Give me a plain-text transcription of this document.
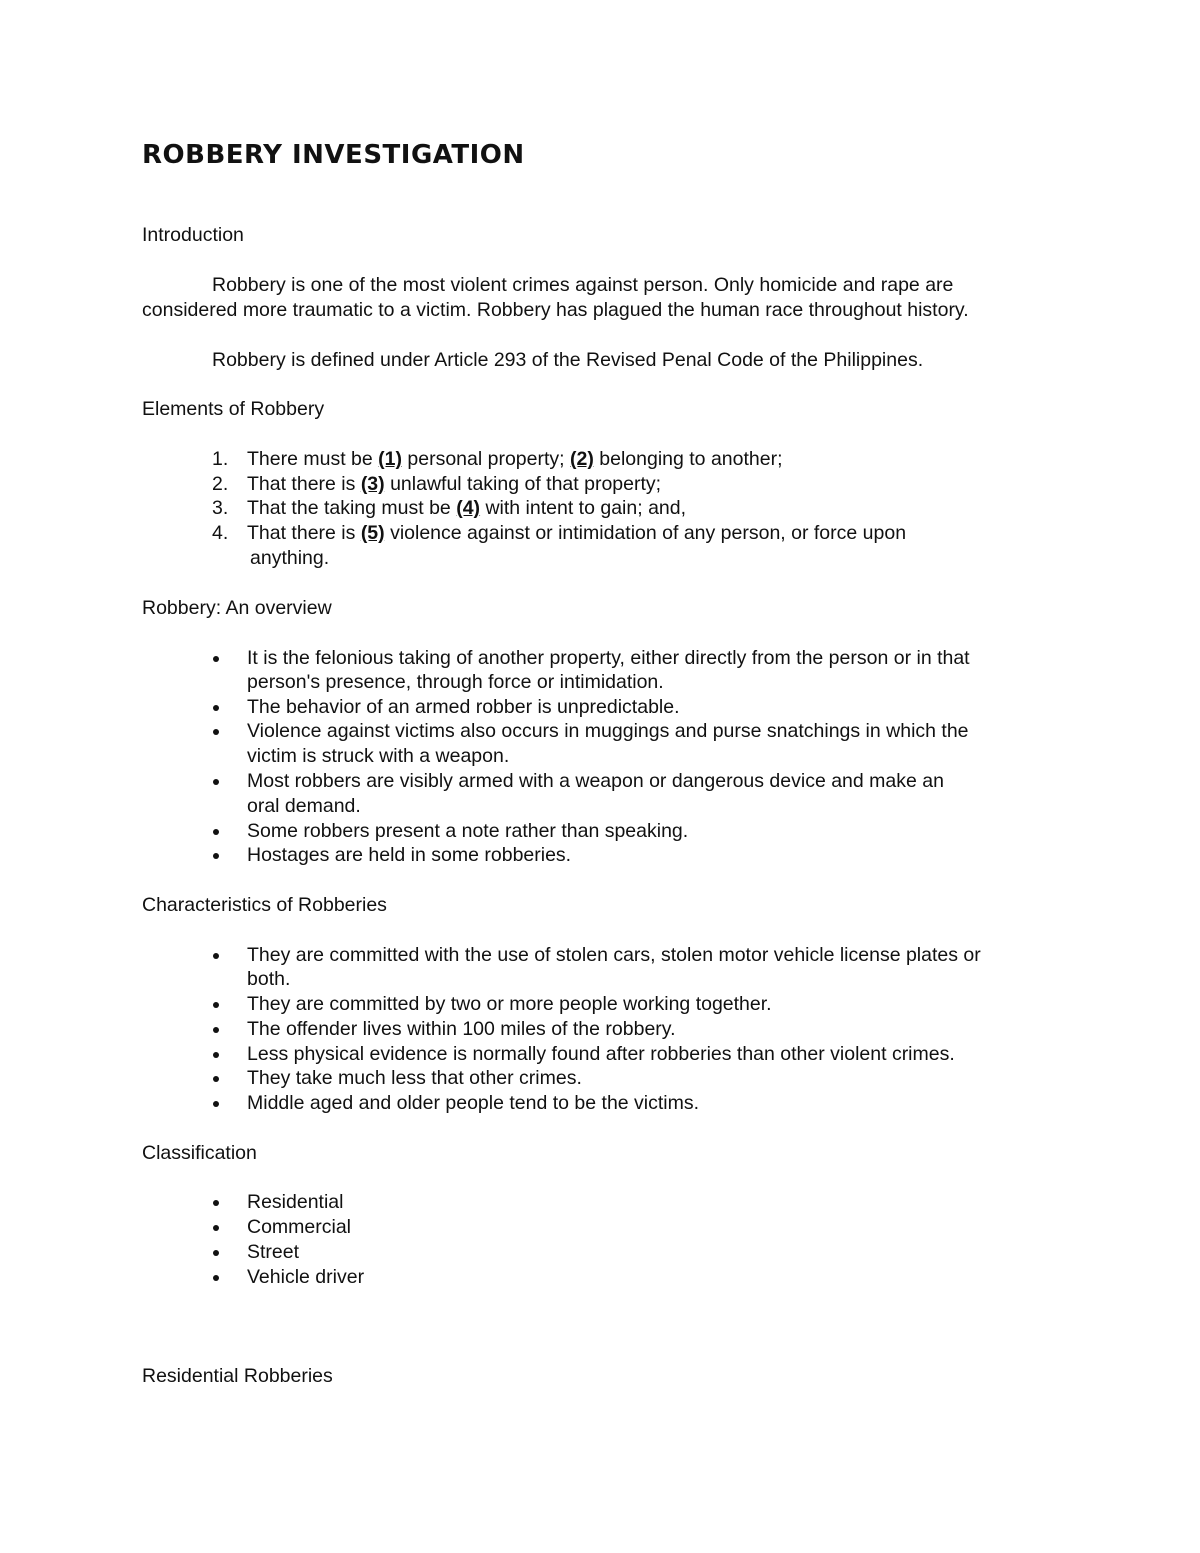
ROBBERY INVESTIGATION
Introduction
Robbery is one of the most violent crimes against person. Only homicide and rape are
considered more traumatic to a victim. Robbery has plagued the human race throughout history.
Robbery is defined under Article 293 of the Revised Penal Code of the Philippines.
Elements of Robbery
1. There must be (1) personal property; (2) belonging to another;
2. That there is (3) unlawful taking of that property;
3. That the taking must be (4) with intent to gain; and,
4. That there is (5) violence against or intimidation of any person, or force upon
anything.
Robbery: An overview
It is the felonious taking of another property, either directly from the person or in that
person's presence, through force or intimidation.
The behavior of an armed robber is unpredictable.
Violence against victims also occurs in muggings and purse snatchings in which the
victim is struck with a weapon.
Most robbers are visibly armed with a weapon or dangerous device and make an
oral demand.
Some robbers present a note rather than speaking.
Hostages are held in some robberies.
Characteristics of Robberies
They are committed with the use of stolen cars, stolen motor vehicle license plates or
both.
They are committed by two or more people working together.
The offender lives within 100 miles of the robbery.
Less physical evidence is normally found after robberies than other violent crimes.
They take much less that other crimes.
Middle aged and older people tend to be the victims.
Classification
Residential
Commercial
Street
Vehicle driver
Residential Robberies
